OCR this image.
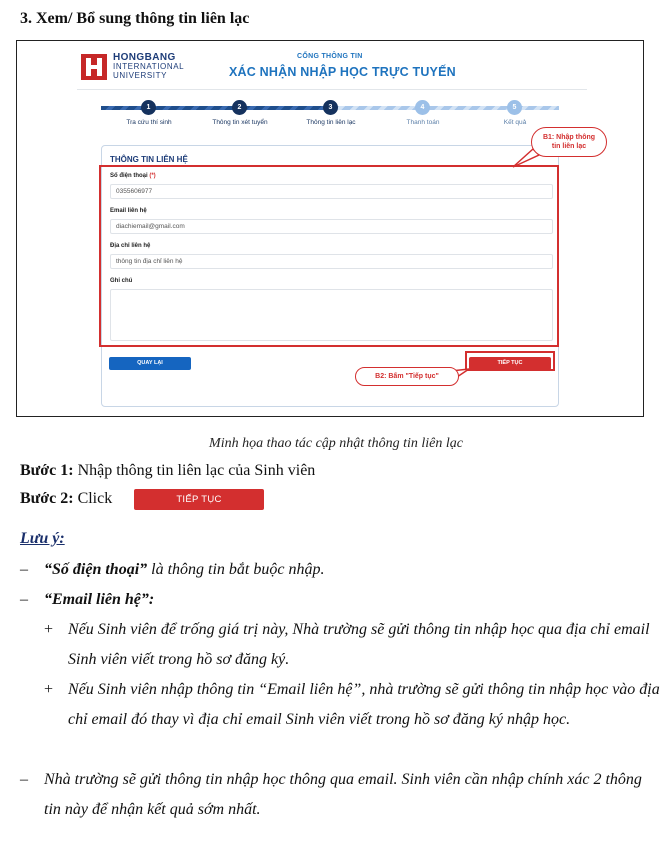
3. Xem/ Bổ sung thông tin liên lạc
HONGBANG
INTERNATIONAL
UNIVERSITY
CỔNG THÔNG TIN
XÁC NHẬN NHẬP HỌC TRỰC TUYẾN
1
Tra cứu thí sinh
2
Thông tin xét tuyển
3
Thông tin liên lạc
4
Thanh toán
5
Kết quả
THÔNG TIN LIÊN HỆ
Số điện thoại (*)
0355606977
Email liên hệ
diachiemail@gmail.com
Địa chỉ liên hệ
thông tin địa chỉ liên hệ
Ghi chú
QUAY LẠI	TIẾP TỤC
B1: Nhập thông
tin liên lạc
B2: Bấm "Tiếp tục"
Minh họa thao tác cập nhật thông tin liên lạc
Bước 1: Nhập thông tin liên lạc của Sinh viên
Bước 2: Click	TIẾP TỤC
Lưu ý:
–	“Số điện thoại” là thông tin bắt buộc nhập.
–	“Email liên hệ”:
+ Nếu Sinh viên để trống giá trị này, Nhà trường sẽ gửi thông tin nhập học qua địa chỉ email Sinh viên viết trong hồ sơ đăng ký.
+ Nếu Sinh viên nhập thông tin “Email liên hệ”, nhà trường sẽ gửi thông tin nhập học vào địa chỉ email đó thay vì địa chỉ email Sinh viên viết trong hồ sơ đăng ký nhập học.
–	Nhà trường sẽ gửi thông tin nhập học thông qua email. Sinh viên cần nhập chính xác 2 thông tin này để nhận kết quả sớm nhất.
